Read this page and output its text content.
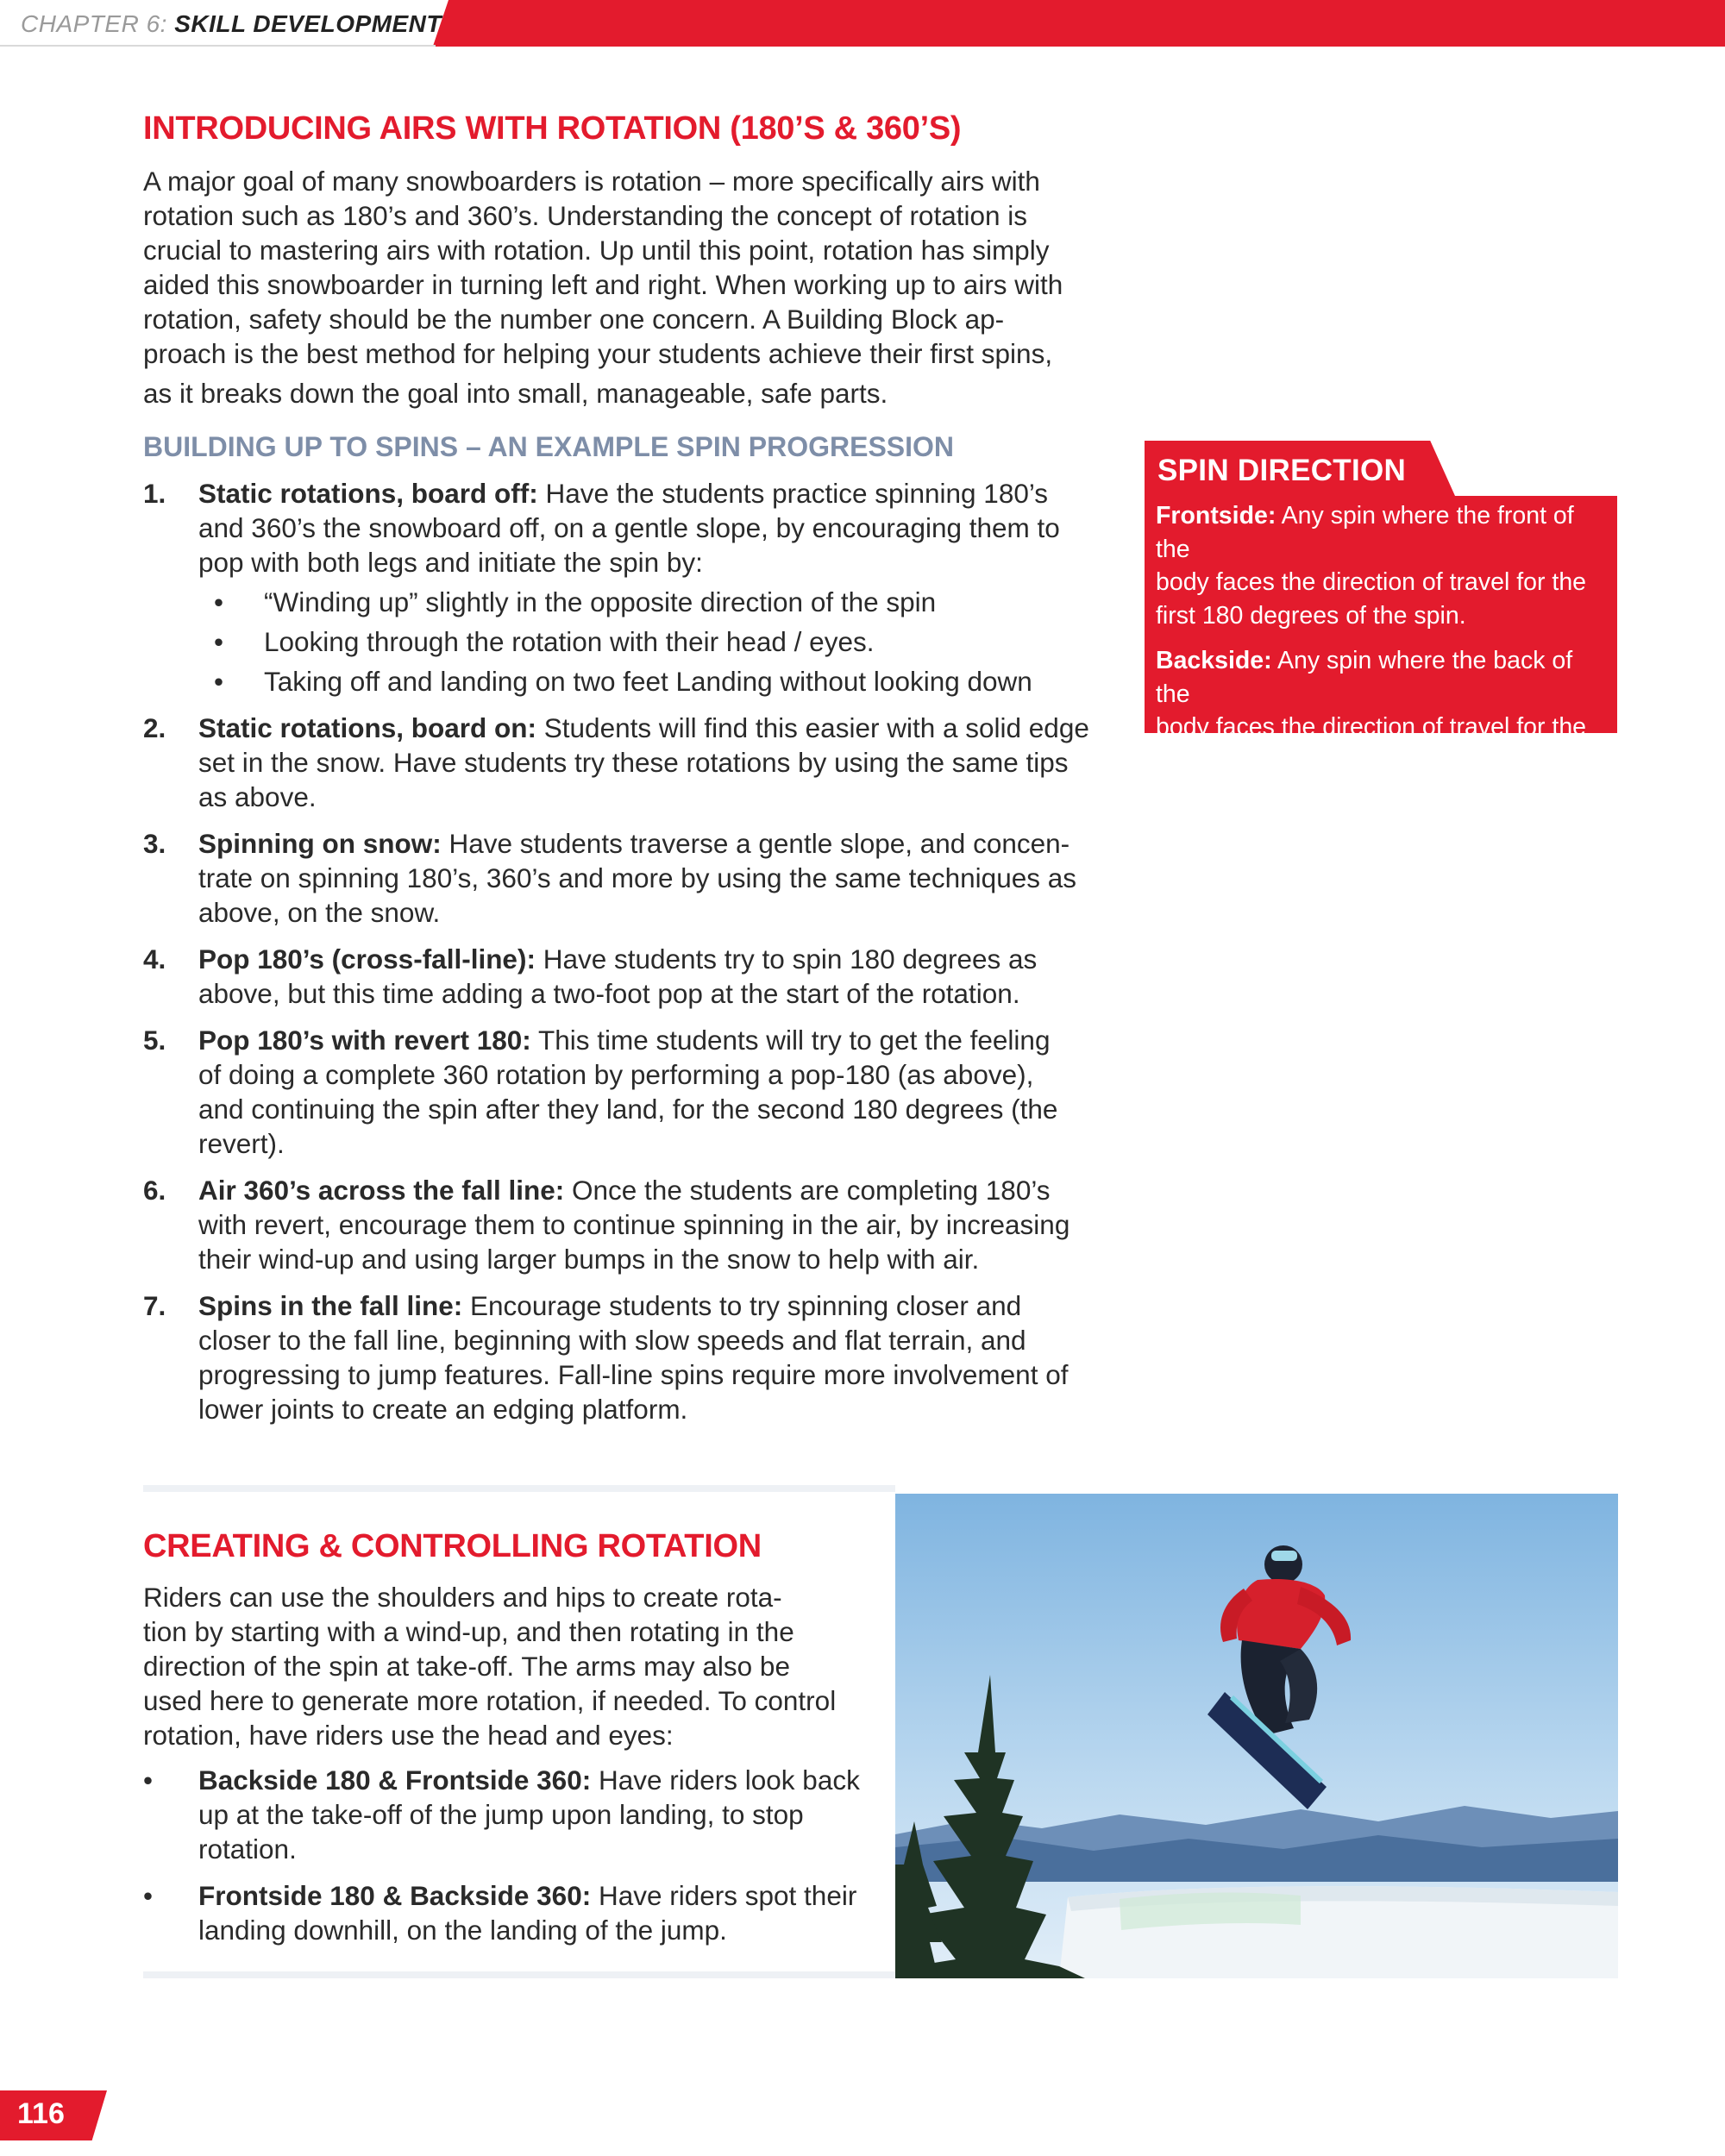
CHAPTER 6: SKILL DEVELOPMENT
INTRODUCING AIRS WITH ROTATION (180’S & 360’S)
A major goal of many snowboarders is rotation – more specifically airs with
rotation such as 180’s and 360’s. Understanding the concept of rotation is
crucial to mastering airs with rotation. Up until this point, rotation has simply
aided this snowboarder in turning left and right. When working up to airs with
rotation, safety should be the number one concern. A Building Block ap-
proach is the best method for helping your students achieve their first spins,
as it breaks down the goal into small, manageable, safe parts.
BUILDING UP TO SPINS – AN EXAMPLE SPIN PROGRESSION
1. Static rotations, board off: Have the students practice spinning 180’s
and 360’s the snowboard off, on a gentle slope, by encouraging them to
pop with both legs and initiate the spin by:
• “Winding up” slightly in the opposite direction of the spin
• Looking through the rotation with their head / eyes.
• Taking off and landing on two feet Landing without looking down
2. Static rotations, board on: Students will find this easier with a solid edge
set in the snow. Have students try these rotations by using the same tips
as above.
3. Spinning on snow: Have students traverse a gentle slope, and concen-
trate on spinning 180’s, 360’s and more by using the same techniques as
above, on the snow.
4. Pop 180’s (cross-fall-line): Have students try to spin 180 degrees as
above, but this time adding a two-foot pop at the start of the rotation.
5. Pop 180’s with revert 180: This time students will try to get the feeling
of doing a complete 360 rotation by performing a pop-180 (as above),
and continuing the spin after they land, for the second 180 degrees (the
revert).
6. Air 360’s across the fall line: Once the students are completing 180’s
with revert, encourage them to continue spinning in the air, by increasing
their wind-up and using larger bumps in the snow to help with air.
7. Spins in the fall line: Encourage students to try spinning closer and
closer to the fall line, beginning with slow speeds and flat terrain, and
progressing to jump features. Fall-line spins require more involvement of
lower joints to create an edging platform.
SPIN DIRECTION

Frontside: Any spin where the front of the
body faces the direction of travel for the
first 180 degrees of the spin.

Backside: Any spin where the back of the
body faces the direction of travel for the
first 180 degrees of the spin.

CREATING & CONTROLLING ROTATION
Riders can use the shoulders and hips to create rota-
tion by starting with a wind-up, and then rotating in the
direction of the spin at take-off. The arms may also be
used here to generate more rotation, if needed. To control
rotation, have riders use the head and eyes:
• Backside 180 & Frontside 360: Have riders look back
up at the take-off of the jump upon landing, to stop
rotation.
• Frontside 180 & Backside 360: Have riders spot their
landing downhill, on the landing of the jump.
116
